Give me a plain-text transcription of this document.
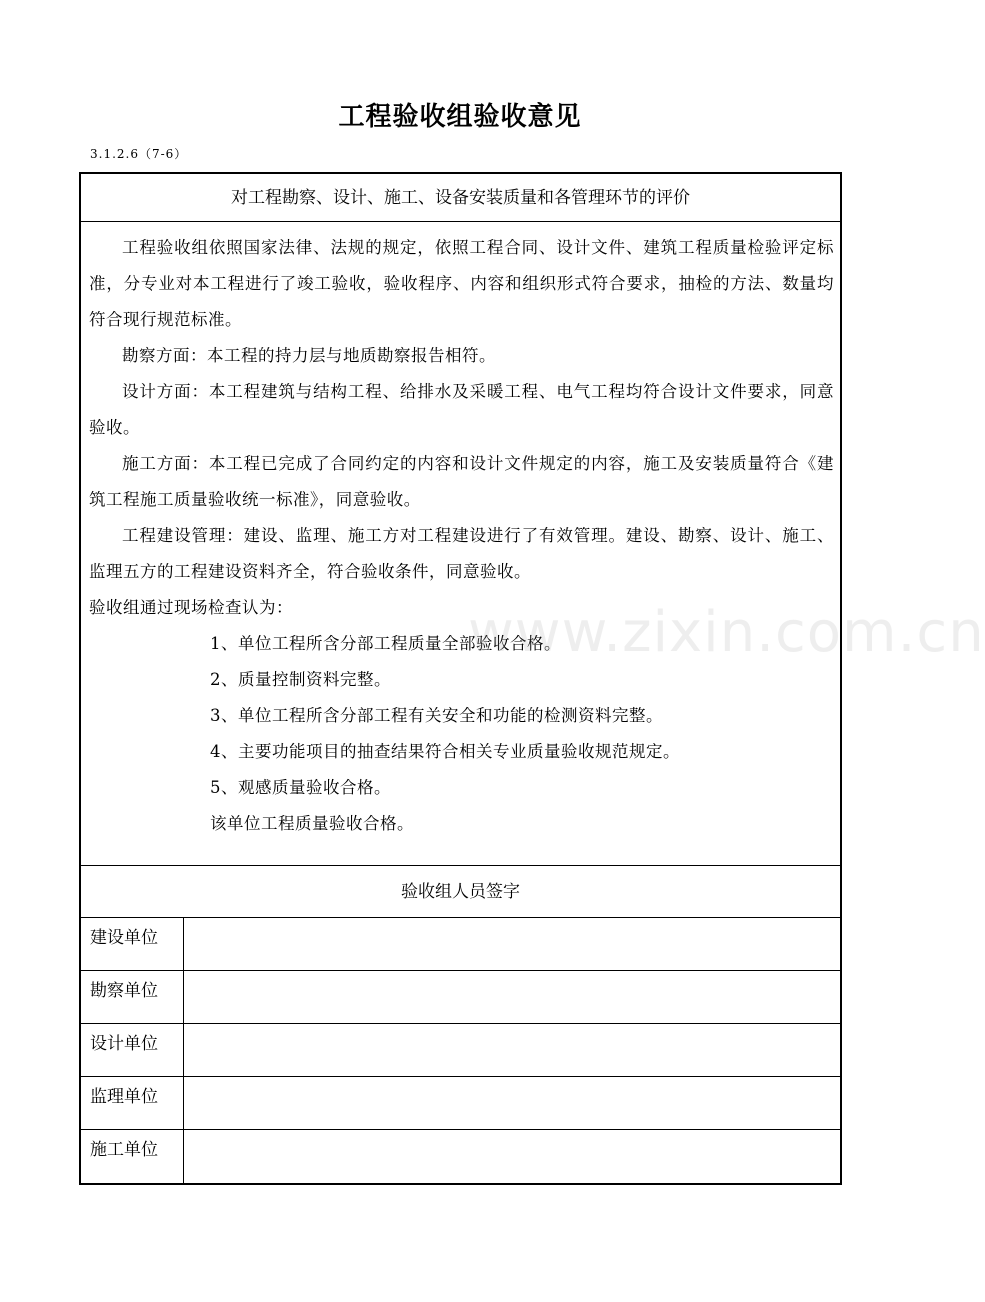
工程验收组验收意见
3.1.2.6（7-6）
对工程勘察、设计、施工、设备安装质量和各管理环节的评价

工程验收组依照国家法律、法规的规定，依照工程合同、设计文件、建筑工程质量检验评定标准，分专业对本工程进行了竣工验收，验收程序、内容和组织形式符合要求，抽检的方法、数量均符合现行规范标准。

勘察方面：本工程的持力层与地质勘察报告相符。

设计方面：本工程建筑与结构工程、给排水及采暖工程、电气工程均符合设计文件要求，同意验收。

施工方面：本工程已完成了合同约定的内容和设计文件规定的内容，施工及安装质量符合《建筑工程施工质量验收统一标准》，同意验收。

工程建设管理：建设、监理、施工方对工程建设进行了有效管理。建设、勘察、设计、施工、监理五方的工程建设资料齐全，符合验收条件，同意验收。

验收组通过现场检查认为：

1、单位工程所含分部工程质量全部验收合格。

2、质量控制资料完整。

3、单位工程所含分部工程有关安全和功能的检测资料完整。

4、主要功能项目的抽查结果符合相关专业质量验收规范规定。

5、观感质量验收合格。

该单位工程质量验收合格。

验收组人员签字
建设单位
勘察单位
设计单位
监理单位
施工单位
www.zixin.com.cn
